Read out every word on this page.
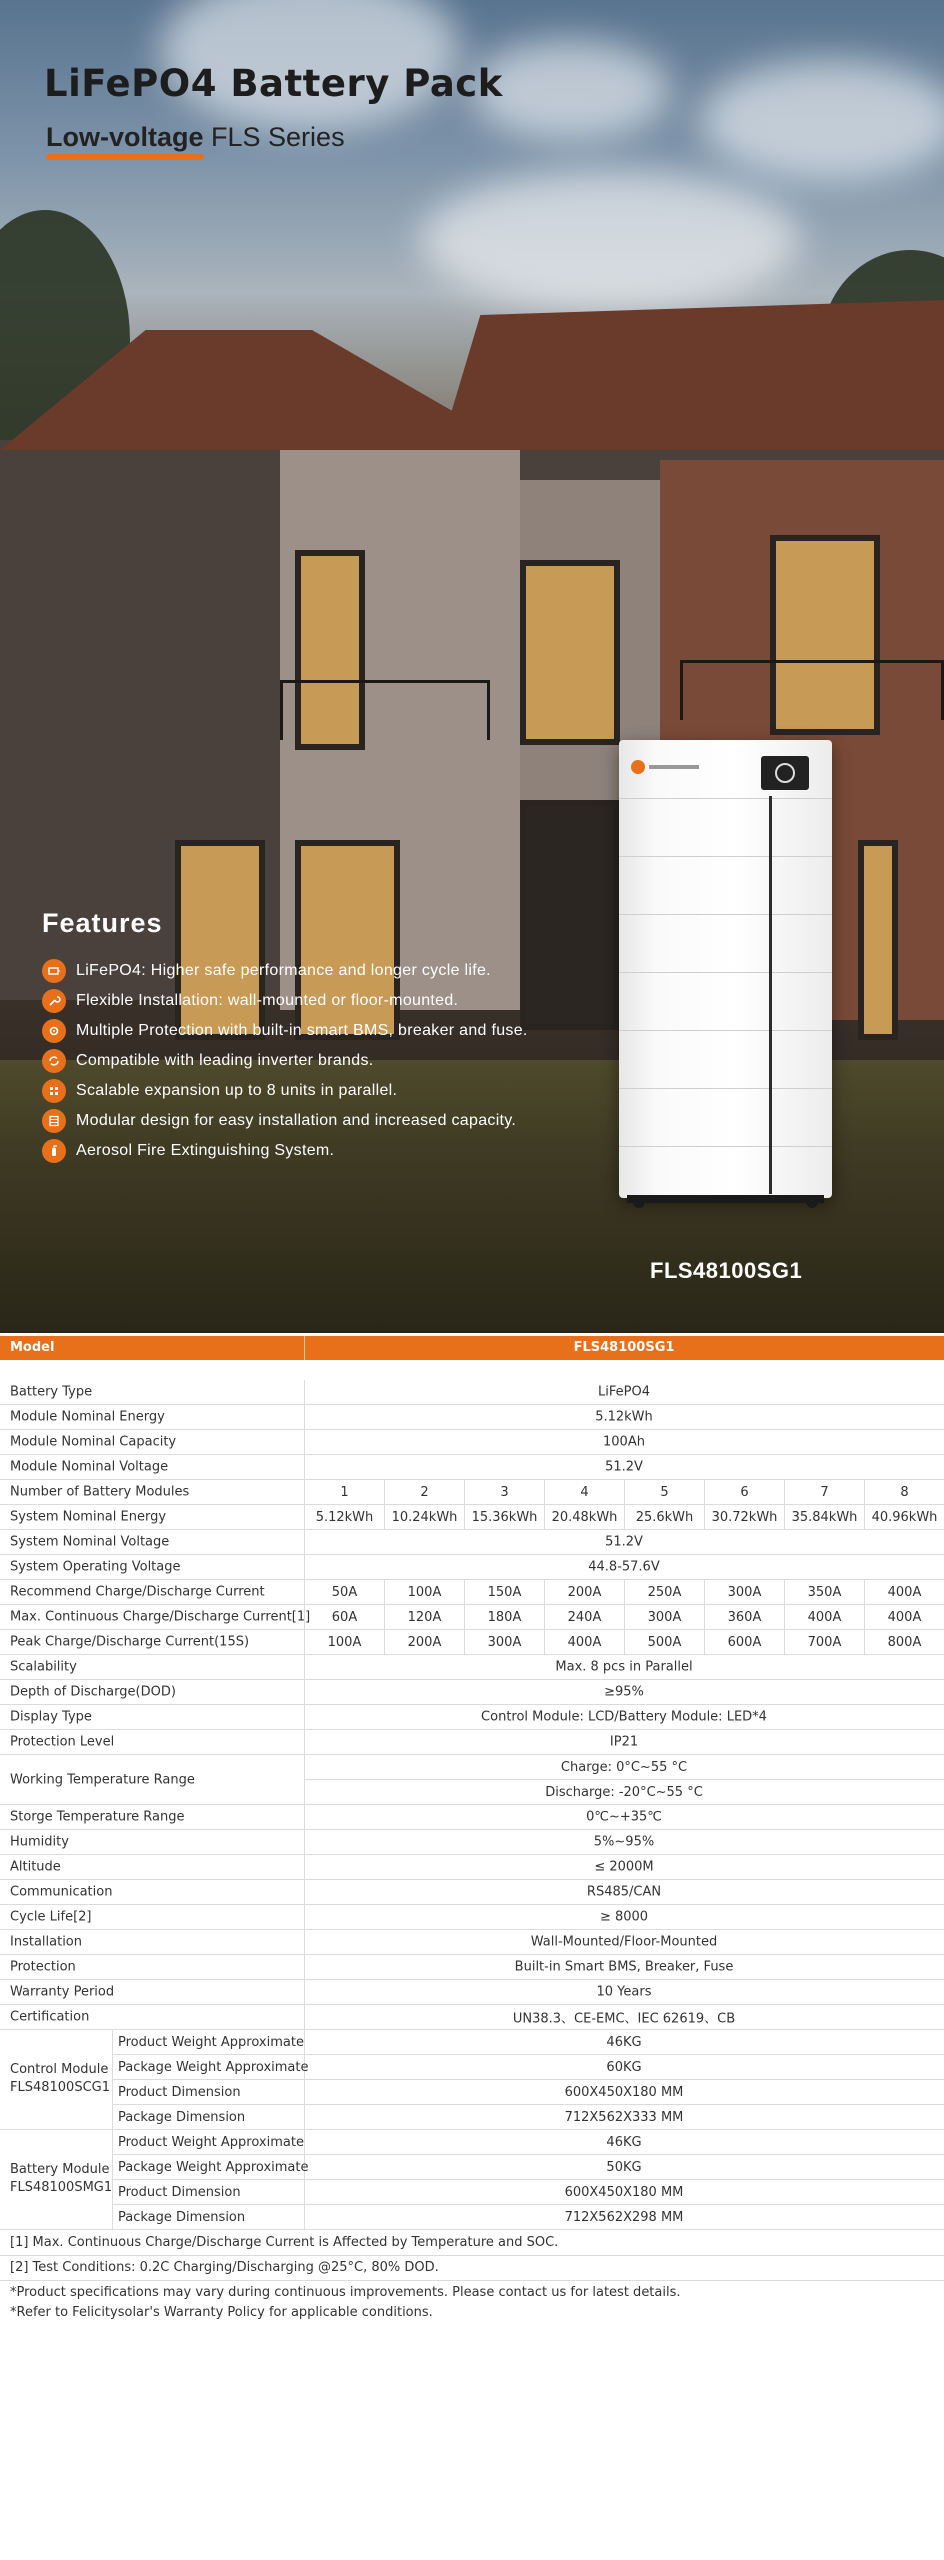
LiFePO4 Battery Pack
Low-voltage
FLS Series
Features
LiFePO4: Higher safe performance and longer cycle life.
Flexible Installation: wall-mounted or floor-mounted.
Multiple Protection with built-in smart BMS, breaker and fuse.
Compatible with leading inverter brands.
Scalable expansion up to 8 units in parallel.
Modular design for easy installation and increased capacity.
Aerosol Fire Extinguishing System.
FLS48100SG1
Model	FLS48100SG1
Battery Type	LiFePO4
Module Nominal Energy	5.12kWh
Module Nominal Capacity	100Ah
Module Nominal Voltage	51.2V
Number of Battery Modules	1	2	3	4	5	6	7	8
System Nominal Energy	5.12kWh	10.24kWh	15.36kWh	20.48kWh	25.6kWh	30.72kWh	35.84kWh	40.96kWh
System Nominal Voltage	51.2V
System Operating Voltage	44.8-57.6V
Recommend Charge/Discharge Current	50A	100A	150A	200A	250A	300A	350A	400A
Max. Continuous Charge/Discharge Current[1]	60A	120A	180A	240A	300A	360A	400A	400A
Peak Charge/Discharge Current(15S)	100A	200A	300A	400A	500A	600A	700A	800A
Scalability	Max. 8 pcs in Parallel
Depth of Discharge(DOD)	≥95%
Display Type	Control Module: LCD/Battery Module: LED*4
Protection Level	IP21
Working Temperature Range
Charge: 0°C~55 °C
Discharge: -20°C~55 °C
Storge Temperature Range	0℃~+35℃
Humidity	5%~95%
Altitude	≤ 2000M
Communication	RS485/CAN
Cycle Life[2]	≥ 8000
Installation	Wall-Mounted/Floor-Mounted
Protection	Built-in Smart BMS, Breaker, Fuse
Warranty Period	10 Years
Certification	UN38.3、CE-EMC、IEC 62619、CB
Control Module
FLS48100SCG1
Product Weight Approximate	46KG
Package Weight Approximate	60KG
Product Dimension	600X450X180 MM
Package Dimension	712X562X333 MM
Battery Module
FLS48100SMG1
Product Weight Approximate	46KG
Package Weight Approximate	50KG
Product Dimension	600X450X180 MM
Package Dimension	712X562X298 MM
[1] Max. Continuous Charge/Discharge Current is Affected by Temperature and SOC.
[2] Test Conditions: 0.2C Charging/Discharging @25°C, 80% DOD.
*Product specifications may vary during continuous improvements. Please contact us for latest details.
*Refer to Felicitysolar's Warranty Policy for applicable conditions.
